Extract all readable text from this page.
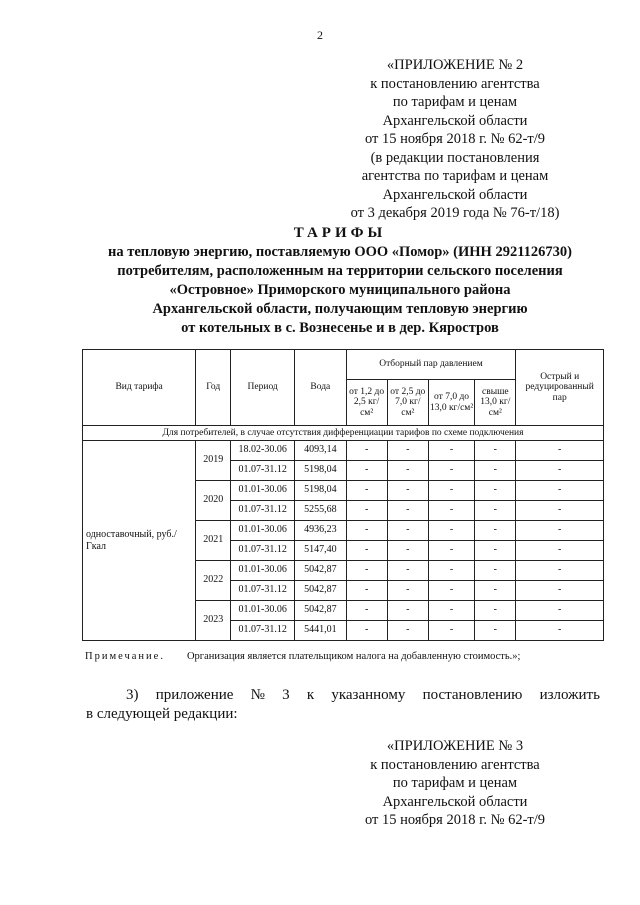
2
«ПРИЛОЖЕНИЕ № 2
к постановлению агентства
по тарифам и ценам
Архангельской области
от 15 ноября 2018 г. № 62-т/9
(в редакции постановления
агентства по тарифам и ценам
Архангельской области
от 3 декабря 2019 года № 76-т/18)
ТАРИФЫ
на тепловую энергию, поставляемую ООО «Помор» (ИНН 2921126730)
потребителям, расположенным на территории сельского поселения
«Островное» Приморского муниципального района
Архангельской области, получающим тепловую энергию
от котельных в с. Вознесенье и в дер. Кяростров
Вид тарифа	Год	Период	Вода	Отборный пар давлением				Острый и редуцированный пар
				от 1,2 до 2,5 кг/см²	от 2,5 до 7,0 кг/см²	от 7,0 до 13,0 кг/см²	свыше 13,0 кг/см²	
Для потребителей, в случае отсутствия дифференциации тарифов по схеме подключения								
одноставочный, руб./Гкал	2019	18.02-30.06	4093,14	-	-	-	-	-
		01.07-31.12	5198,04	-	-	-	-	-
	2020	01.01-30.06	5198,04	-	-	-	-	-
		01.07-31.12	5255,68	-	-	-	-	-
	2021	01.01-30.06	4936,23	-	-	-	-	-
		01.07-31.12	5147,40	-	-	-	-	-
	2022	01.01-30.06	5042,87	-	-	-	-	-
		01.07-31.12	5042,87	-	-	-	-	-
	2023	01.01-30.06	5042,87	-	-	-	-	-
		01.07-31.12	5441,01	-	-	-	-	-
Примечание. Организация является плательщиком налога на добавленную стоимость.»;
3) приложение № 3 к указанному постановлению изложить
в следующей редакции:
«ПРИЛОЖЕНИЕ № 3
к постановлению агентства
по тарифам и ценам
Архангельской области
от 15 ноября 2018 г. № 62-т/9
